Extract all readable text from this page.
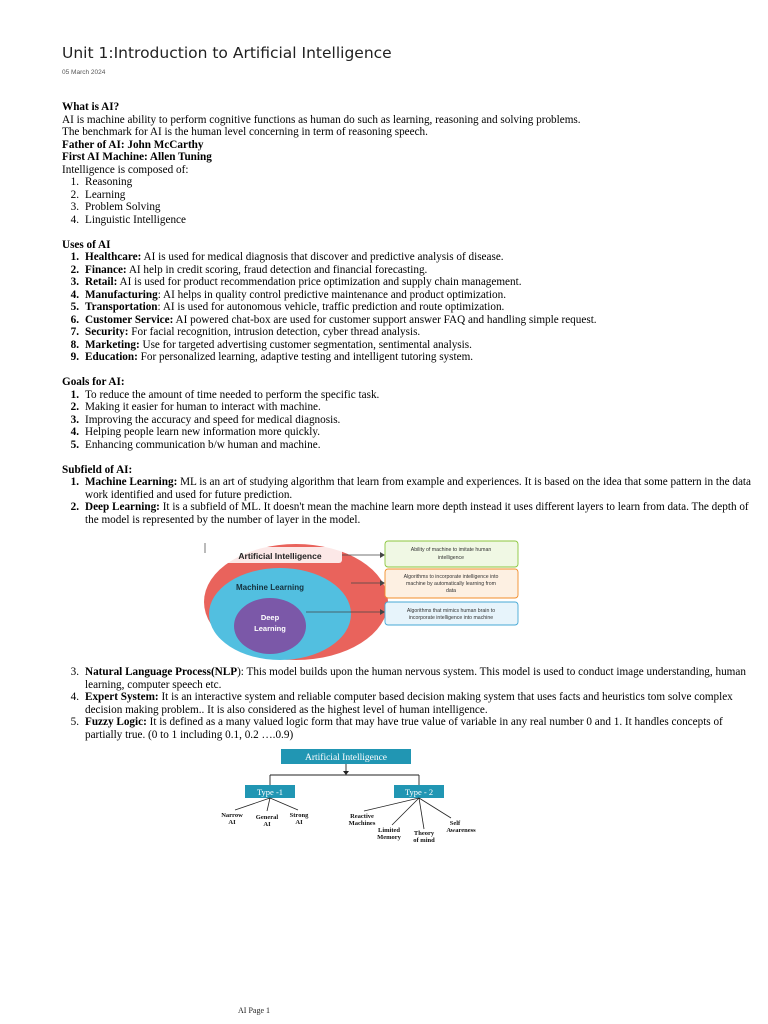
Unit 1:Introduction to Artificial Intelligence
05 March 2024

What is AI?

AI is machine ability to perform cognitive functions as human do such as learning, reasoning and solving problems.

The benchmark for AI is the human level concerning in term of reasoning speech.

Father of AI: John McCarthy

First AI Machine: Allen Tuning

Intelligence is composed of:

1. Reasoning
2. Learning
3. Problem Solving
4. Linguistic Intelligence

Uses of AI

1. Healthcare: AI is used for medical diagnosis that discover and predictive analysis of disease.
2. Finance: AI help in credit scoring, fraud detection and financial forecasting.
3. Retail: AI is used for product recommendation price optimization and supply chain management.
4. Manufacturing: AI helps in quality control predictive maintenance and product optimization.
5. Transportation: AI is used for autonomous vehicle, traffic prediction and route optimization.
6. Customer Service: AI powered chat-box are used for customer support answer FAQ and handling simple request.
7. Security: For facial recognition, intrusion detection, cyber thread analysis.
8. Marketing: Use for targeted advertising customer segmentation, sentimental analysis.
9. Education: For personalized learning, adaptive testing and intelligent tutoring system.

Goals for AI:

1. To reduce the amount of time needed to perform the specific task.
2. Making it easier for human to interact with machine.
3. Improving the accuracy and speed for medical diagnosis.
4. Helping people learn new information more quickly.
5. Enhancing communication b/w human and machine.

Subfield of AI:

1. Machine Learning: ML is an art of studying algorithm that learn from example and experiences. It is based on the idea that some pattern in the data work identified and used for future prediction.
2. Deep Learning: It is a subfield of ML. It doesn't mean the machine learn more depth instead it uses different layers to learn from data. The depth of the model is represented by the number of layer in the model.
Artificial Intelligence
Machine Learning
Deep
Learning
Ability of machine to imitate human
intelligence
Algorithms to incorporate intelligence into
machine by automatically learning from
data
Algorithms that mimics human brain to
incorporate intelligence into machine
3. Natural Language Process(NLP): This model builds upon the human nervous system. This model is used to conduct image understanding, human learning, computer speech etc.
4. Expert System: It is an interactive system and reliable computer based decision making system that uses facts and heuristics tom solve complex decision making problem.. It is also considered as the highest level of human intelligence.
5. Fuzzy Logic: It is defined as a many valued logic form that may have true value of variable in any real number 0 and 1. It handles concepts of partially true. (0 to 1 including 0.1, 0.2 ….0.9)
Artificial Intelligence
Type -1	Type - 2
Narrow
AI
General
AI
Strong
AI
Reactive
Machines
Limited
Memory
Theory
of mind
Self
Awareness
AI Page 1
